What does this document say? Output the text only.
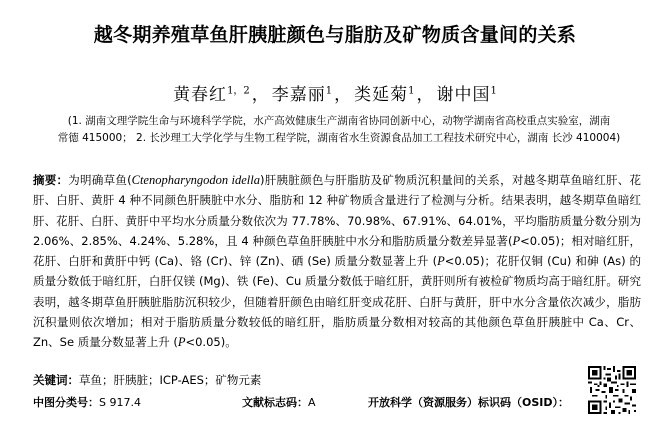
越冬期养殖草鱼肝胰脏颜色与脂肪及矿物质含量间的关系
黄春红$^{1,2}$ ， 李嘉丽$^1$ ， 类延菊$^1$ ， 谢中国$^1$
(1. 湖南文理学院生命与环境科学学院，水产高效健康生产湖南省协同创新中心，动物学湖南省高校重点实验室，湖南
常德 415000； 2. 长沙理工大学化学与生物工程学院，湖南省水生资源食品加工工程技术研究中心，湖南 长沙 410004)
摘要：为明确草鱼(Ctenopharyngodon idella)肝胰脏颜色与肝脂肪及矿物质沉积量间的关系，对越冬期草鱼暗红肝、花肝、白肝、黄肝 4 种不同颜色肝胰脏中水分、脂肪和 12 种矿物质含量进行了检测与分析。结果表明，越冬期草鱼暗红肝、花肝、白肝、黄肝中平均水分质量分数依次为 77.78%、70.98%、67.91%、64.01%，平均脂肪质量分数分别为 2.06%、2.85%、4.24%、5.28%，且 4 种颜色草鱼肝胰脏中水分和脂肪质量分数差异显著(P<0.05)；相对暗红肝，花肝、白肝和黄肝中钙 (Ca)、铬 (Cr)、锌 (Zn)、硒 (Se) 质量分数显著上升 (P<0.05)；花肝仅铜 (Cu) 和砷 (As) 的质量分数低于暗红肝，白肝仅镁 (Mg)、铁 (Fe)、Cu 质量分数低于暗红肝，黄肝则所有被检矿物质均高于暗红肝。研究表明，越冬期草鱼肝胰脏脂肪沉积较少，但随着肝颜色由暗红肝变成花肝、白肝与黄肝，肝中水分含量依次减少，脂肪沉积量则依次增加；相对于脂肪质量分数较低的暗红肝，脂肪质量分数相对较高的其他颜色草鱼肝胰脏中 Ca、Cr、Zn、Se 质量分数显著上升 (P<0.05)。
关键词：草鱼；肝胰脏；ICP-AES；矿物元素
中图分类号：S 917.4	文献标志码：A	开放科学（资源服务）标识码（OSID）：
